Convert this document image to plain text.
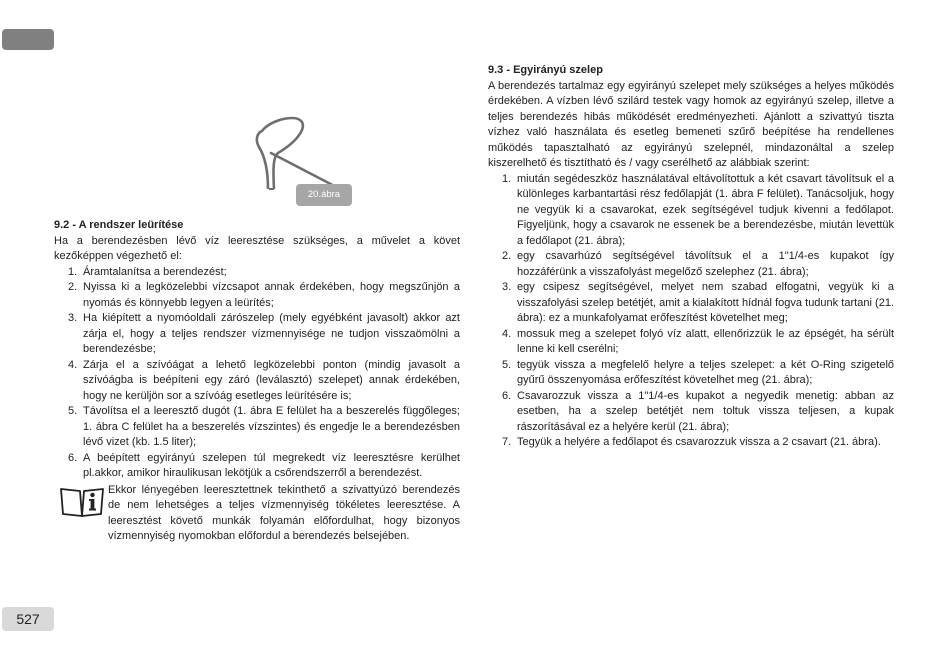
20.ábra
9.2 - A rendszer leürítése
Ha a berendezésben lévő víz leeresztése szükséges, a művelet a követ kezőképpen végezhető el:
1. Áramtalanítsa a berendezést;
2. Nyissa ki a legközelebbi vízcsapot annak érdekében, hogy megszűnjön a nyomás és könnyebb legyen a leürítés;
3. Ha kiépített a nyomóoldali zárószelep (mely egyébként javasolt) akkor azt zárja el, hogy a teljes rendszer vízmennyisége ne tudjon visszaömölni a berendezésbe;
4. Zárja el a szívóágat a lehető legközelebbi ponton (mindig javasolt a szívóágba is beépíteni egy záró (leválasztó) szelepet) annak érdekében, hogy ne kerüljön sor a szívóág esetleges leürítésére is;
5. Távolítsa el a leeresztő dugót (1. ábra E felület ha a beszerelés függőleges; 1. ábra C felület ha a beszerelés vízszintes) és engedje le a berendezésben lévő vizet (kb. 1.5 liter);
6. A beépített egyirányú szelepen túl megrekedt víz leeresztésre kerülhet pl.akkor, amikor hiraulikusan lekötjük a csőrendszerről a berendezést.
Ekkor lényegében leeresztettnek tekinthető a szivattyúzó berendezés de nem lehetséges a teljes vízmennyiség tökéletes leeresztése. A leeresztést követő munkák folyamán előfordulhat, hogy bizonyos vízmennyiség nyomokban előfordul a berendezés belsejében.
9.3 - Egyirányú szelep
A berendezés tartalmaz egy egyirányú szelepet mely szükséges a helyes működés érdekében. A vízben lévő szilárd testek vagy homok az egyirányú szelep, illetve a teljes berendezés hibás működését eredményezheti. Ajánlott a szivattyú tiszta vízhez való használata és esetleg bemeneti szűrő beépítése ha rendellenes működés tapasztalható az egyirányú szelepnél, mindazonáltal a szelep kiszerelhető és tisztítható és / vagy cserélhető az alábbiak szerint:
1. miután segédeszköz használatával eltávolítottuk a két csavart távolítsuk el a különleges karbantartási rész fedőlapját (1. ábra F felület). Tanácsoljuk, hogy ne vegyük ki a csavarokat, ezek segítségével tudjuk kivenni a fedőlapot. Figyeljünk, hogy a csavarok ne essenek be a berendezésbe, miután levettük a fedőlapot (21. ábra);
2. egy csavarhúzó segítségével távolítsuk el a 1"1/4-es kupakot így hozzáférünk a visszafolyást megelőző szelephez (21. ábra);
3. egy csipesz segítségével, melyet nem szabad elfogatni, vegyük ki a visszafolyási szelep betétjét, amit a kialakított hídnál fogva tudunk tartani (21. ábra): ez a munkafolyamat erőfeszítést követelhet meg;
4. mossuk meg a szelepet folyó víz alatt, ellenőrizzük le az épségét, ha sérült lenne ki kell cserélni;
5. tegyük vissza a megfelelő helyre a teljes szelepet: a két O-Ring szigetelő gyűrű összenyomása erőfeszítést követelhet meg (21. ábra);
6. Csavarozzuk vissza a 1"1/4-es kupakot a negyedik menetig: abban az esetben, ha a szelep betétjét nem toltuk vissza teljesen, a kupak rászorításával ez a helyére kerül (21. ábra);
7. Tegyük a helyére a fedőlapot és csavarozzuk vissza a 2 csavart (21. ábra).
527
